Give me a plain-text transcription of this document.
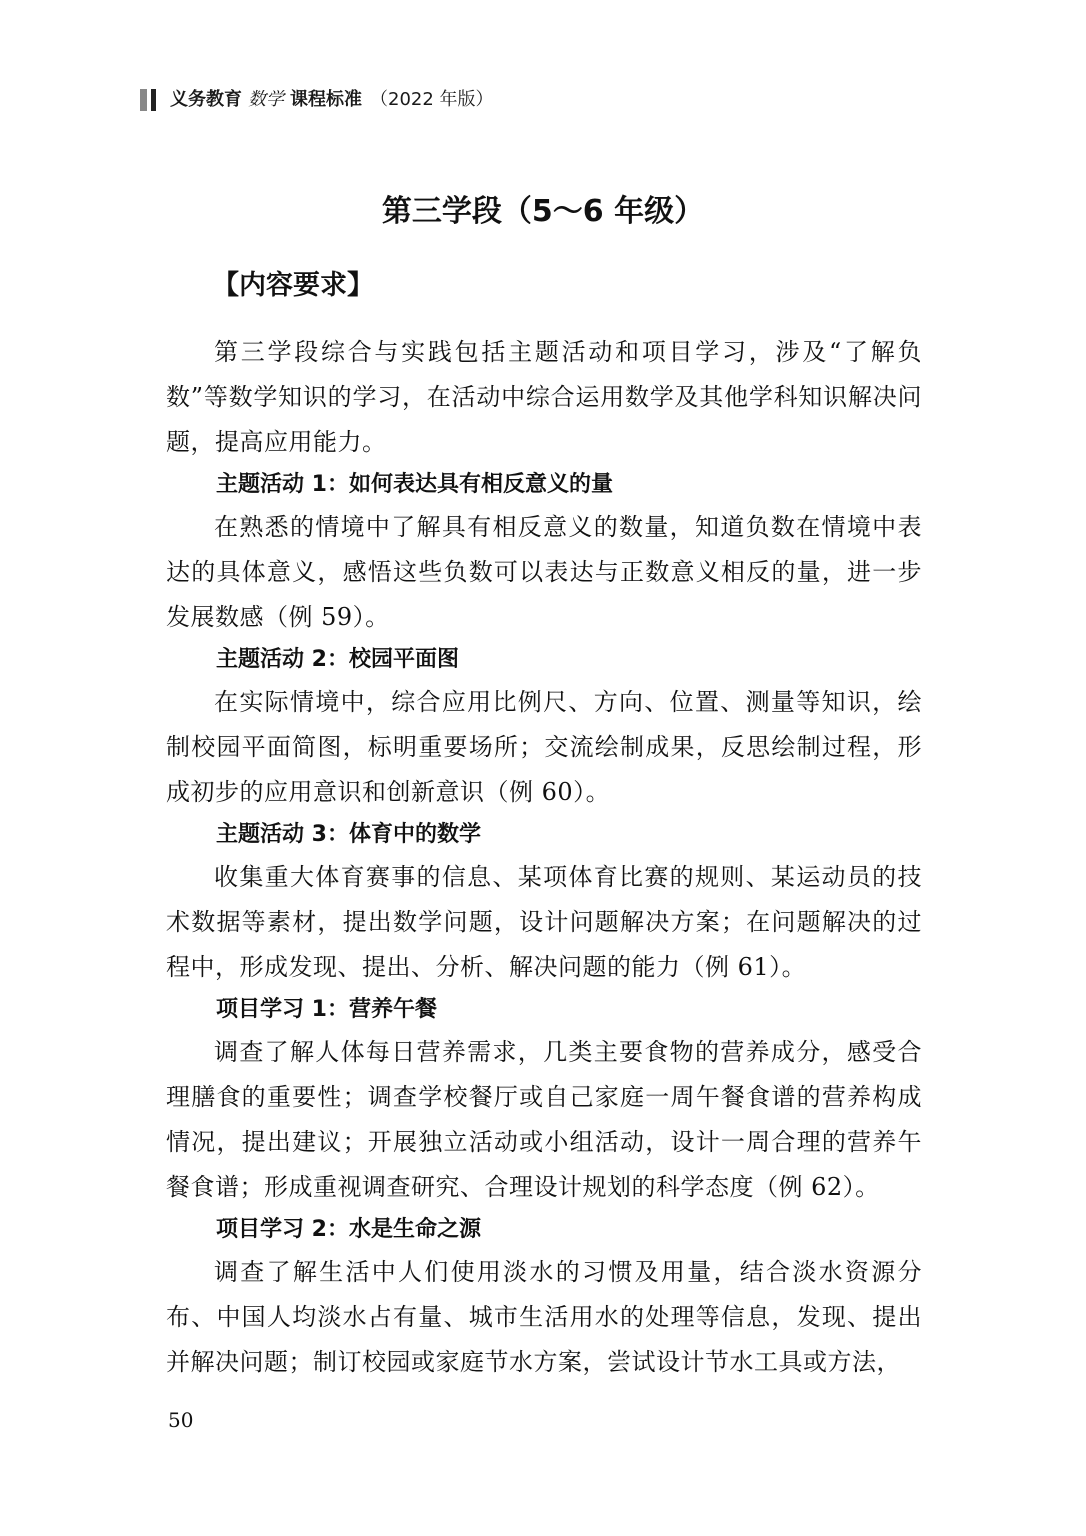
义务教育 数学 课程标准 （2022 年版）
第三学段（5～6 年级）
【内容要求】

第三学段综合与实践包括主题活动和项目学习，涉及“了解负数”等数学知识的学习，在活动中综合运用数学及其他学科知识解决问题，提高应用能力。

主题活动 1：如何表达具有相反意义的量

在熟悉的情境中了解具有相反意义的数量，知道负数在情境中表达的具体意义，感悟这些负数可以表达与正数意义相反的量，进一步发展数感（例 59）。

主题活动 2：校园平面图

在实际情境中，综合应用比例尺、方向、位置、测量等知识，绘制校园平面简图，标明重要场所；交流绘制成果，反思绘制过程，形成初步的应用意识和创新意识（例 60）。

主题活动 3：体育中的数学

收集重大体育赛事的信息、某项体育比赛的规则、某运动员的技术数据等素材，提出数学问题，设计问题解决方案；在问题解决的过程中，形成发现、提出、分析、解决问题的能力（例 61）。

项目学习 1：营养午餐

调查了解人体每日营养需求，几类主要食物的营养成分，感受合理膳食的重要性；调查学校餐厅或自己家庭一周午餐食谱的营养构成情况，提出建议；开展独立活动或小组活动，设计一周合理的营养午餐食谱；形成重视调查研究、合理设计规划的科学态度（例 62）。

项目学习 2：水是生命之源

调查了解生活中人们使用淡水的习惯及用量，结合淡水资源分布、中国人均淡水占有量、城市生活用水的处理等信息，发现、提出并解决问题；制订校园或家庭节水方案，尝试设计节水工具或方法，

50
